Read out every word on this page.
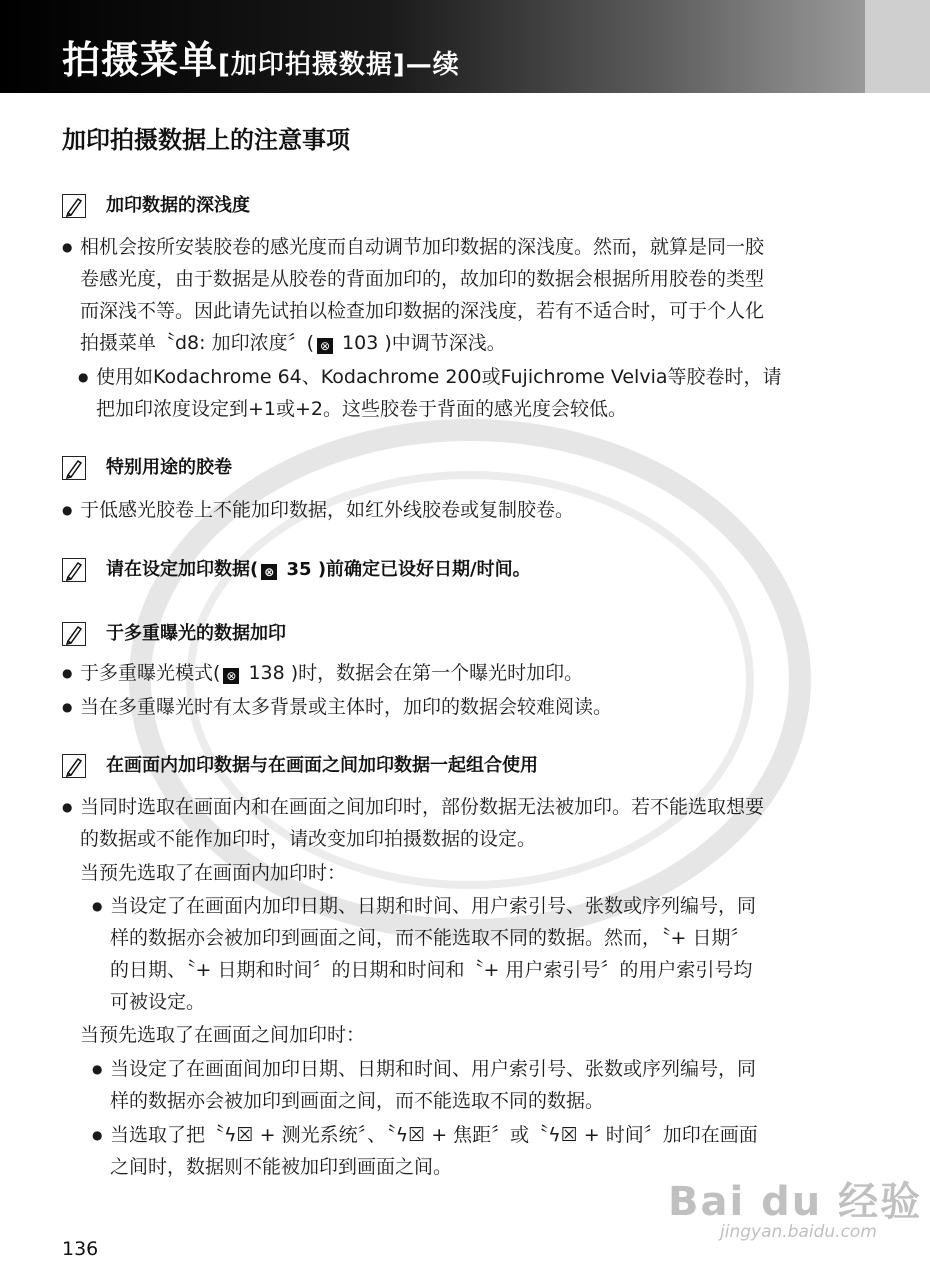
拍摄菜单[加印拍摄数据]—续
加印拍摄数据上的注意事项
加印数据的深浅度
● 相机会按所安装胶卷的感光度而自动调节加印数据的深浅度。然而，就算是同一胶
卷感光度，由于数据是从胶卷的背面加印的，故加印的数据会根据所用胶卷的类型
而深浅不等。因此请先试拍以检查加印数据的深浅度，若有不适合时，可于个人化
拍摄菜单〝d8: 加印浓度〞( ⊗ 103 )中调节深浅。
● 使用如Kodachrome 64、Kodachrome 200或Fujichrome Velvia等胶卷时，请
把加印浓度设定到+1或+2。这些胶卷于背面的感光度会较低。
特别用途的胶卷
● 于低感光胶卷上不能加印数据，如红外线胶卷或复制胶卷。
请在设定加印数据( ⊗ 35 )前确定已设好日期/时间。
于多重曝光的数据加印
● 于多重曝光模式( ⊗ 138 )时，数据会在第一个曝光时加印。
● 当在多重曝光时有太多背景或主体时，加印的数据会较难阅读。
在画面内加印数据与在画面之间加印数据一起组合使用
● 当同时选取在画面内和在画面之间加印时，部份数据无法被加印。若不能选取想要
的数据或不能作加印时，请改变加印拍摄数据的设定。
当预先选取了在画面内加印时：
● 当设定了在画面内加印日期、日期和时间、用户索引号、张数或序列编号，同
样的数据亦会被加印到画面之间，而不能选取不同的数据。然而，〝+ 日期〞
的日期、〝+ 日期和时间〞的日期和时间和〝+ 用户索引号〞的用户索引号均
可被设定。
当预先选取了在画面之间加印时：
● 当设定了在画面间加印日期、日期和时间、用户索引号、张数或序列编号，同
样的数据亦会被加印到画面之间，而不能选取不同的数据。
● 当选取了把〝ϟ☒ + 测光系统〞、〝ϟ☒ + 焦距〞或〝ϟ☒ + 时间〞加印在画面
之间时，数据则不能被加印到画面之间。
Bai du 经验
jingyan.baidu.com
136
